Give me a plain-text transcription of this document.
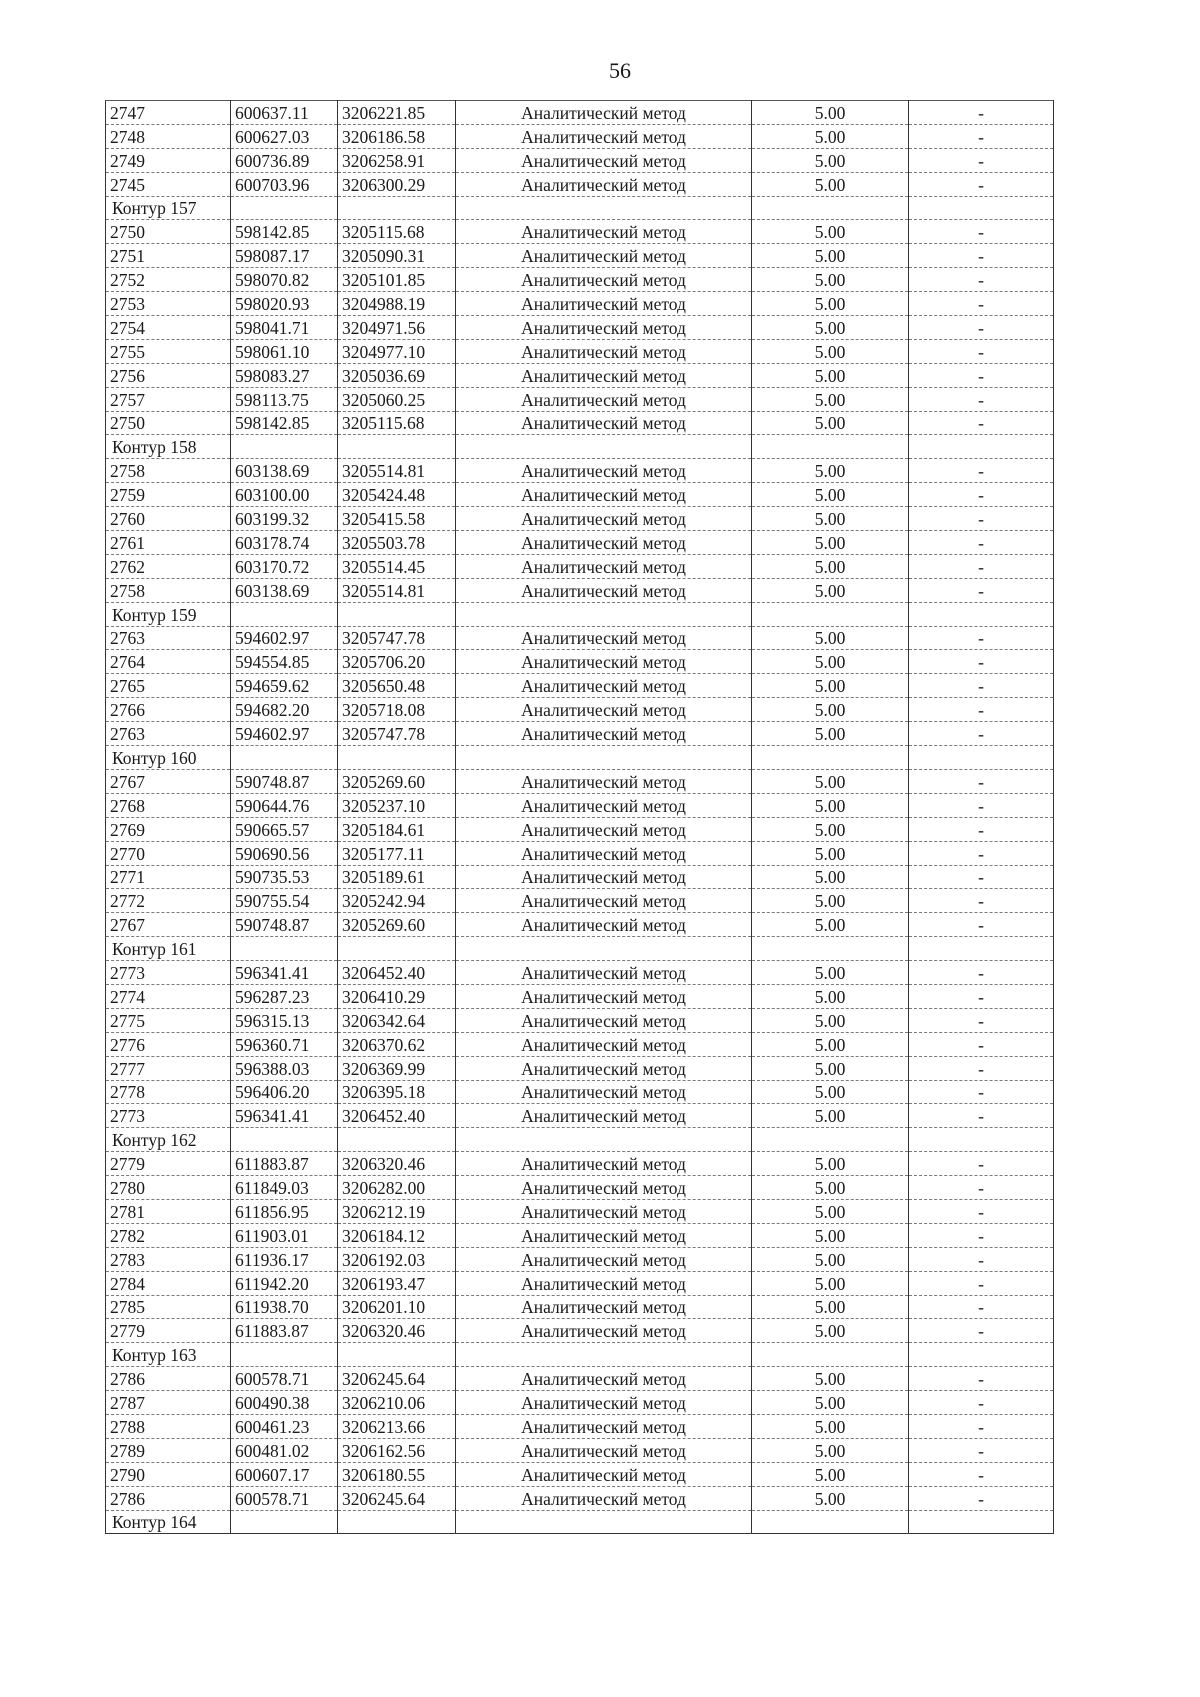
56
2747	600637.11	3206221.85	Аналитический метод	5.00	-
2748	600627.03	3206186.58	Аналитический метод	5.00	-
2749	600736.89	3206258.91	Аналитический метод	5.00	-
2745	600703.96	3206300.29	Аналитический метод	5.00	-
Контур 157					
2750	598142.85	3205115.68	Аналитический метод	5.00	-
2751	598087.17	3205090.31	Аналитический метод	5.00	-
2752	598070.82	3205101.85	Аналитический метод	5.00	-
2753	598020.93	3204988.19	Аналитический метод	5.00	-
2754	598041.71	3204971.56	Аналитический метод	5.00	-
2755	598061.10	3204977.10	Аналитический метод	5.00	-
2756	598083.27	3205036.69	Аналитический метод	5.00	-
2757	598113.75	3205060.25	Аналитический метод	5.00	-
2750	598142.85	3205115.68	Аналитический метод	5.00	-
Контур 158					
2758	603138.69	3205514.81	Аналитический метод	5.00	-
2759	603100.00	3205424.48	Аналитический метод	5.00	-
2760	603199.32	3205415.58	Аналитический метод	5.00	-
2761	603178.74	3205503.78	Аналитический метод	5.00	-
2762	603170.72	3205514.45	Аналитический метод	5.00	-
2758	603138.69	3205514.81	Аналитический метод	5.00	-
Контур 159					
2763	594602.97	3205747.78	Аналитический метод	5.00	-
2764	594554.85	3205706.20	Аналитический метод	5.00	-
2765	594659.62	3205650.48	Аналитический метод	5.00	-
2766	594682.20	3205718.08	Аналитический метод	5.00	-
2763	594602.97	3205747.78	Аналитический метод	5.00	-
Контур 160					
2767	590748.87	3205269.60	Аналитический метод	5.00	-
2768	590644.76	3205237.10	Аналитический метод	5.00	-
2769	590665.57	3205184.61	Аналитический метод	5.00	-
2770	590690.56	3205177.11	Аналитический метод	5.00	-
2771	590735.53	3205189.61	Аналитический метод	5.00	-
2772	590755.54	3205242.94	Аналитический метод	5.00	-
2767	590748.87	3205269.60	Аналитический метод	5.00	-
Контур 161					
2773	596341.41	3206452.40	Аналитический метод	5.00	-
2774	596287.23	3206410.29	Аналитический метод	5.00	-
2775	596315.13	3206342.64	Аналитический метод	5.00	-
2776	596360.71	3206370.62	Аналитический метод	5.00	-
2777	596388.03	3206369.99	Аналитический метод	5.00	-
2778	596406.20	3206395.18	Аналитический метод	5.00	-
2773	596341.41	3206452.40	Аналитический метод	5.00	-
Контур 162					
2779	611883.87	3206320.46	Аналитический метод	5.00	-
2780	611849.03	3206282.00	Аналитический метод	5.00	-
2781	611856.95	3206212.19	Аналитический метод	5.00	-
2782	611903.01	3206184.12	Аналитический метод	5.00	-
2783	611936.17	3206192.03	Аналитический метод	5.00	-
2784	611942.20	3206193.47	Аналитический метод	5.00	-
2785	611938.70	3206201.10	Аналитический метод	5.00	-
2779	611883.87	3206320.46	Аналитический метод	5.00	-
Контур 163					
2786	600578.71	3206245.64	Аналитический метод	5.00	-
2787	600490.38	3206210.06	Аналитический метод	5.00	-
2788	600461.23	3206213.66	Аналитический метод	5.00	-
2789	600481.02	3206162.56	Аналитический метод	5.00	-
2790	600607.17	3206180.55	Аналитический метод	5.00	-
2786	600578.71	3206245.64	Аналитический метод	5.00	-
Контур 164					
